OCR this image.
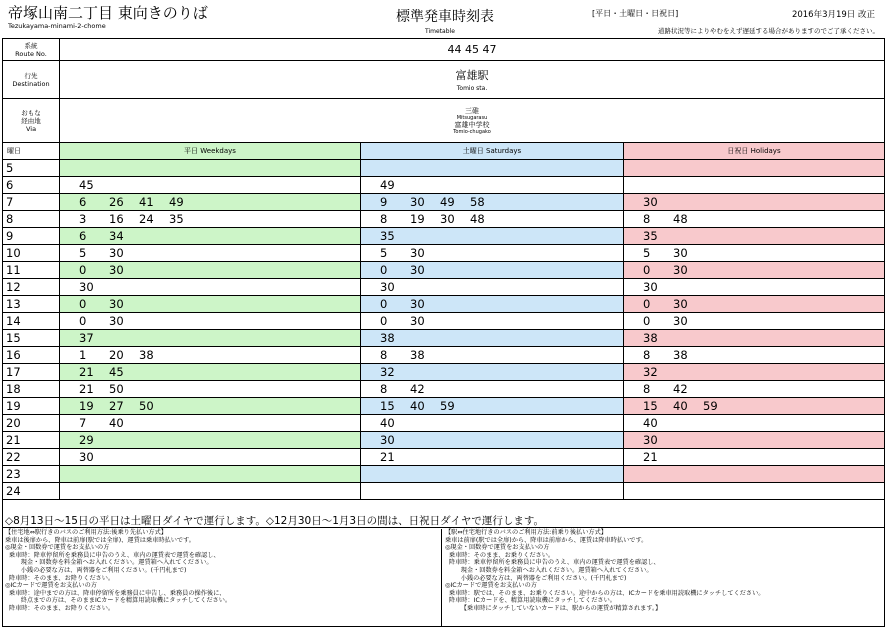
帝塚山南二丁目 東向きのりば
Tezukayama-minami-2-chome
標準発車時刻表
Timetable
[平日・土曜日・日祝日]	2016年3月19日 改正
道路状況等によりやむをえず遅延する場合がありますのでご了承ください。
系統
Route No.	44 45 47
行先
Destination
富雄駅
Tomio sta.
おもな経由地
Via
三碓
Mitsugarasu
富雄中学校
Tomio-chugako
曜日	平日 Weekdays	土曜日 Saturdays	日祝日 Holidays
5
6	45	49
7	6 26 41 49	9 30 49 58	30
8	3 16 24 35	8 19 30 48	8 48
9	6 34	35	35
10	5 30	5 30	5 30
11	0 30	0 30	0 30
12	30	30	30
13	0 30	0 30	0 30
14	0 30	0 30	0 30
15	37	38	38
16	1 20 38	8 38	8 38
17	21 45	32	32
18	21 50	8 42	8 42
19	19 27 50	15 40 59	15 40 59
20	7 40	40	40
21	29	30	30
22	30	21	21
23
24
◇8月13日～15日の平日は土曜日ダイヤで運行します。◇12月30日～1月3日の間は、日祝日ダイヤで運行します。
【住宅地⇔駅行きのバスのご利用方法:後乗り先払い方式】
乗車は後扉から、降車は前扉(駅では全扉)、運賃は乗車時払いです。
◎現金・回数券で運賃をお支払いの方
乗車時：降車停留所を乗務員に申告のうえ、車内の運賃表で運賃を確認し、
現金・回数券を料金箱へお入れください。運賃箱へ入れてください。
小銭の必要な方は、両替器をご利用ください。(千円札まで)
降車時：そのまま、お降りください。
◎ICカードで運賃をお支払いの方
乗車時：途中までの方は、降車停留所を乗務員に申告し、乗務員の操作後に、
終点までの方は、そのままICカードを精算用読取機にタッチしてください。
降車時：そのまま、お降りください。
【駅⇔住宅地行きのバスのご利用方法:前乗り後払い方式】
乗車は前扉(駅では全扉)から、降車は前扉から、運賃は降車時払いです。
◎現金・回数券で運賃をお支払いの方
乗車時：そのまま、お乗りください。
降車時：乗車停留所を乗務員に申告のうえ、車内の運賃表で運賃を確認し、
現金・回数券を料金箱へお入れください。運賃箱へ入れてください。
小銭の必要な方は、両替器をご利用ください。(千円札まで)
◎ICカードで運賃をお支払いの方
乗車時：駅では、そのまま、お乗りください。途中からの方は、ICカードを乗車用読取機にタッチしてください。
降車時：ICカードを、精算用読取機にタッチしてください。
【乗車時にタッチしていないカードは、駅からの運賃が精算されます。】
